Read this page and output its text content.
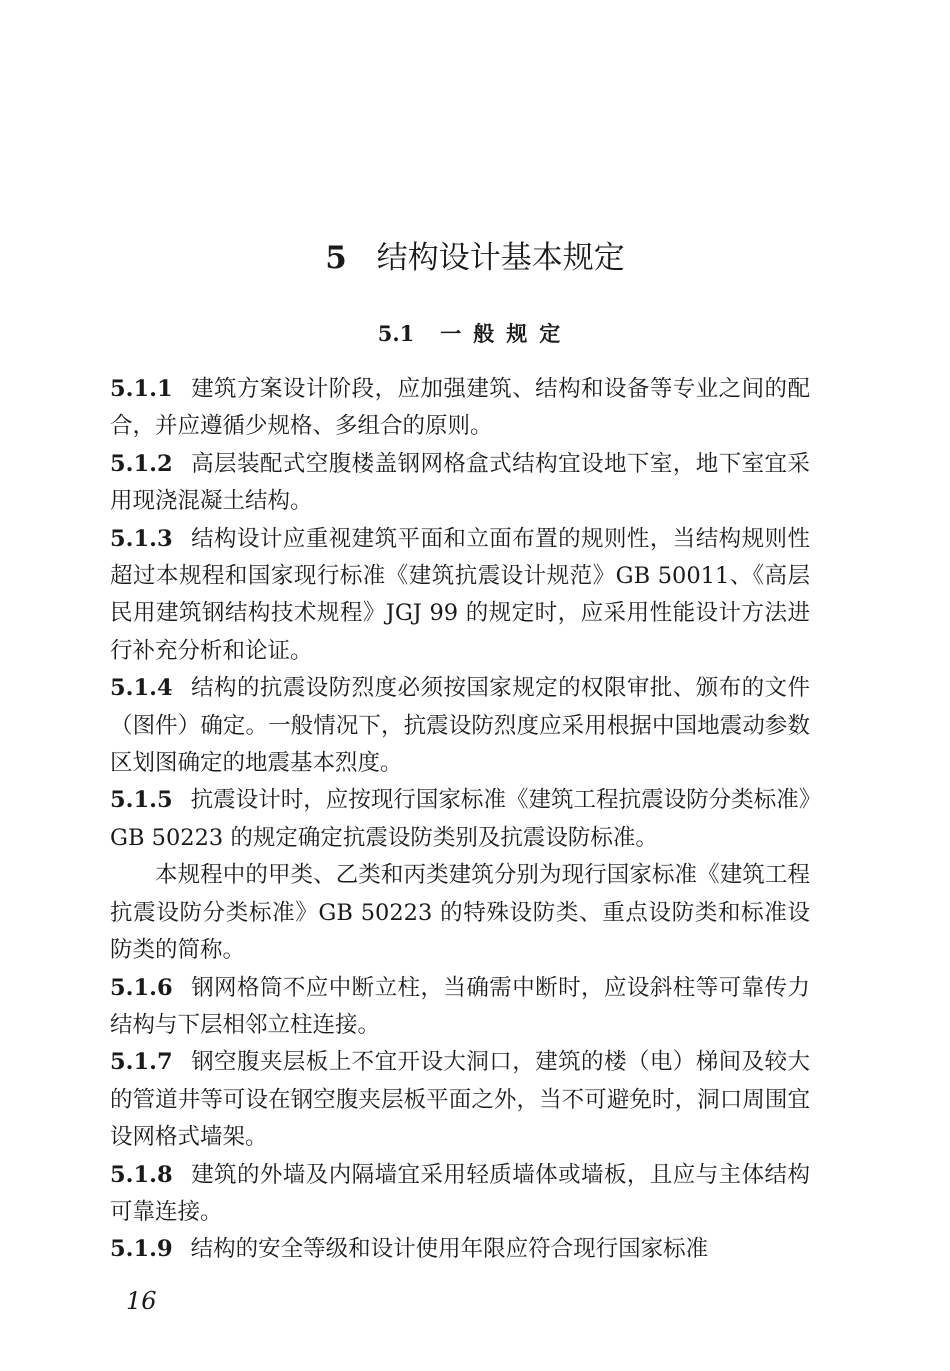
5 结构设计基本规定
5.1 一般规定

5.1.1 建筑方案设计阶段，应加强建筑、结构和设备等专业之间的配合，并应遵循少规格、多组合的原则。

5.1.2 高层装配式空腹楼盖钢网格盒式结构宜设地下室，地下室宜采用现浇混凝土结构。

5.1.3 结构设计应重视建筑平面和立面布置的规则性，当结构规则性超过本规程和国家现行标准《建筑抗震设计规范》GB 50011、《高层民用建筑钢结构技术规程》JGJ 99 的规定时，应采用性能设计方法进行补充分析和论证。

5.1.4 结构的抗震设防烈度必须按国家规定的权限审批、颁布的文件（图件）确定。一般情况下，抗震设防烈度应采用根据中国地震动参数区划图确定的地震基本烈度。

5.1.5 抗震设计时，应按现行国家标准《建筑工程抗震设防分类标准》GB 50223 的规定确定抗震设防类别及抗震设防标准。

本规程中的甲类、乙类和丙类建筑分别为现行国家标准《建筑工程抗震设防分类标准》GB 50223 的特殊设防类、重点设防类和标准设防类的简称。

5.1.6 钢网格筒不应中断立柱，当确需中断时，应设斜柱等可靠传力结构与下层相邻立柱连接。

5.1.7 钢空腹夹层板上不宜开设大洞口，建筑的楼（电）梯间及较大的管道井等可设在钢空腹夹层板平面之外，当不可避免时，洞口周围宜设网格式墙架。

5.1.8 建筑的外墙及内隔墙宜采用轻质墙体或墙板，且应与主体结构可靠连接。

5.1.9 结构的安全等级和设计使用年限应符合现行国家标准

16
